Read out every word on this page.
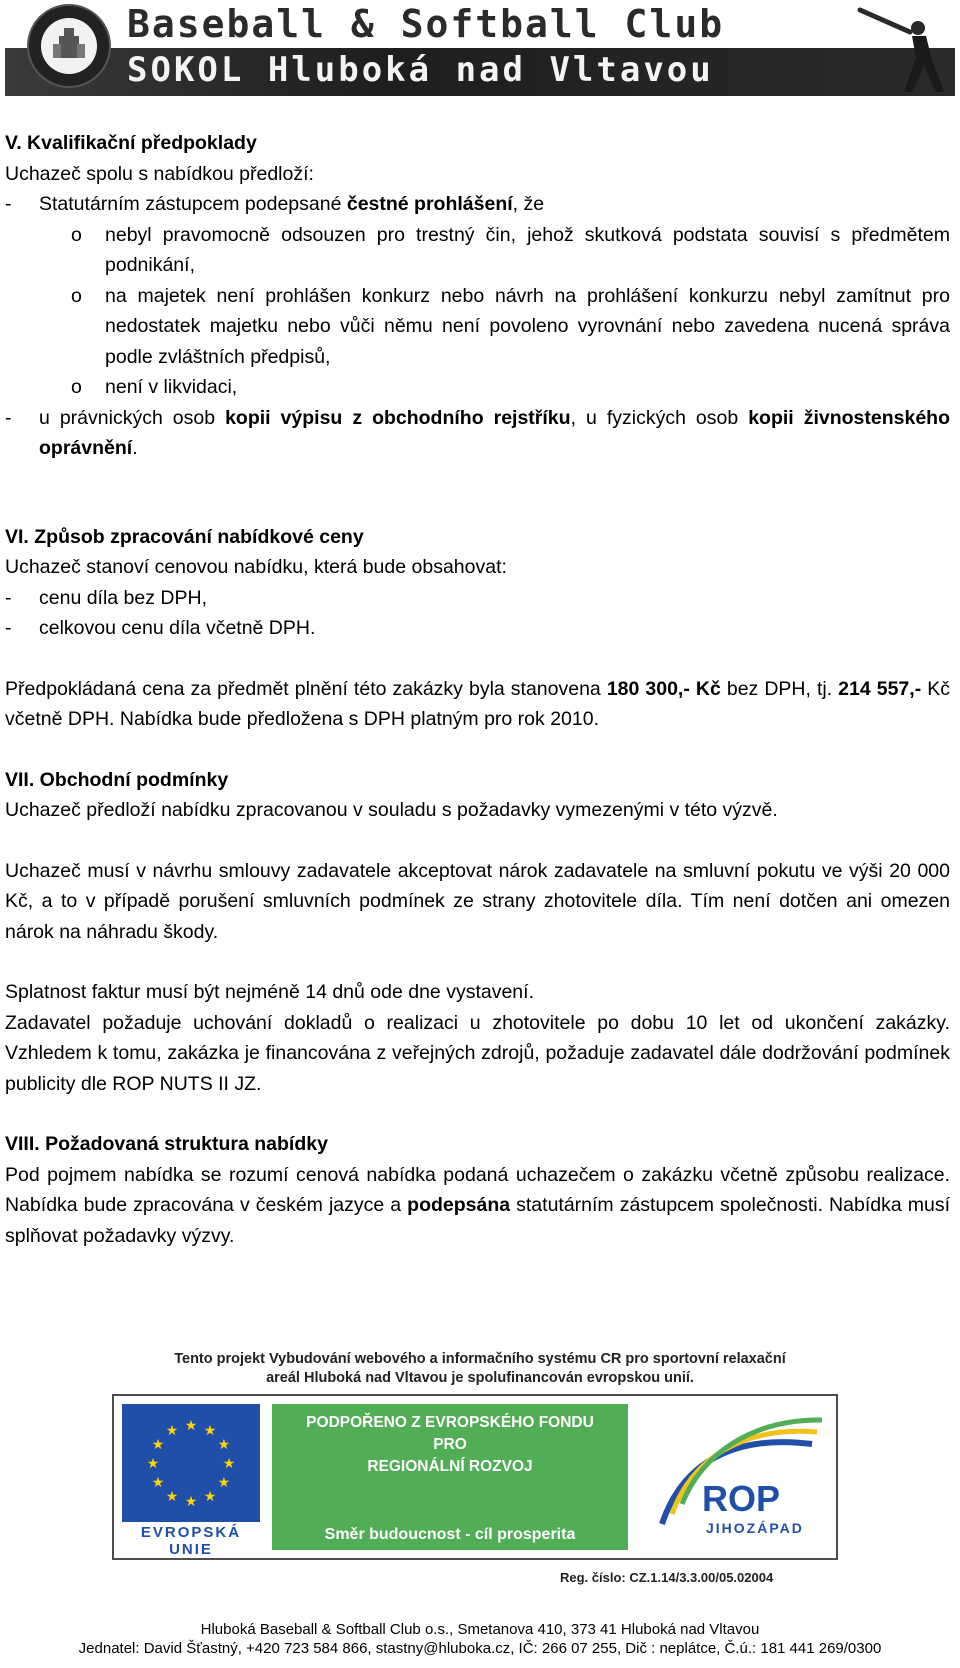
Baseball & Softball Club
SOKOL Hluboká nad Vltavou
V. Kvalifikační předpoklady
Uchazeč spolu s nabídkou předloží:
-	Statutárním zástupcem podepsané čestné prohlášení, že
o	nebyl pravomocně odsouzen pro trestný čin, jehož skutková podstata souvisí s předmětem podnikání,
o	na majetek není prohlášen konkurz nebo návrh na prohlášení konkurzu nebyl zamítnut pro nedostatek majetku nebo vůči němu není povoleno vyrovnání nebo zavedena nucená správa podle zvláštních předpisů,
o	není v likvidaci,
-	u právnických osob kopii výpisu z obchodního rejstříku, u fyzických osob kopii živnostenského oprávnění.
VI. Způsob zpracování nabídkové ceny
Uchazeč stanoví cenovou nabídku, která bude obsahovat:
-	cenu díla bez DPH,
-	celkovou cenu díla včetně DPH.
Předpokládaná cena za předmět plnění této zakázky byla stanovena 180 300,- Kč bez DPH, tj. 214 557,- Kč včetně DPH. Nabídka bude předložena s DPH platným pro rok 2010.
VII. Obchodní podmínky
Uchazeč předloží nabídku zpracovanou v souladu s požadavky vymezenými v této výzvě.
Uchazeč musí v návrhu smlouvy zadavatele akceptovat nárok zadavatele na smluvní pokutu ve výši 20 000 Kč, a to v případě porušení smluvních podmínek ze strany zhotovitele díla. Tím není dotčen ani omezen nárok na náhradu škody.
Splatnost faktur musí být nejméně 14 dnů ode dne vystavení.
Zadavatel požaduje uchování dokladů o realizaci u zhotovitele po dobu 10 let od ukončení zakázky. Vzhledem k tomu, zakázka je financována z veřejných zdrojů, požaduje zadavatel dále dodržování podmínek publicity dle ROP NUTS II JZ.
VIII. Požadovaná struktura nabídky
Pod pojmem nabídka se rozumí cenová nabídka podaná uchazečem o zakázku včetně způsobu realizace. Nabídka bude zpracována v českém jazyce a podepsána statutárním zástupcem společnosti. Nabídka musí splňovat požadavky výzvy.
Tento projekt Vybudování webového a informačního systému CR pro sportovní relaxační
areál Hluboká nad Vltavou je spolufinancován evropskou unií.
★ ★
★
★
★
★
★
★
★
★
★
★
EVROPSKÁ UNIE
PODPOŘENO Z EVROPSKÉHO FONDU
PRO
REGIONÁLNÍ ROZVOJ
Směr budoucnost - cíl prosperita
ROP
JIHOZÁPAD
Reg. číslo: CZ.1.14/3.3.00/05.02004
Hluboká Baseball & Softball Club o.s., Smetanova 410, 373 41 Hluboká nad Vltavou
Jednatel: David Šťastný, +420 723 584 866, stastny@hluboka.cz, IČ: 266 07 255, Dič : neplátce, Č.ú.: 181 441 269/0300
